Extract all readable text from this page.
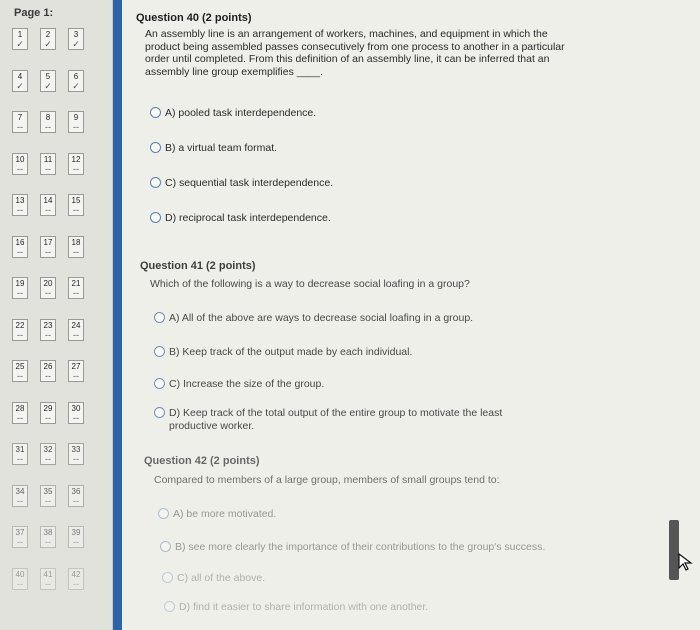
Page 1:
1
✓
2
✓
3
✓
4
✓
5
✓
6
✓
7
--
8
--
9
--
10
--
11
--
12
--
13
--
14
--
15
--
16
--
17
--
18
--
19
--
20
--
21
--
22
--
23
--
24
--
25
--
26
--
27
--
28
--
29
--
30
--
31
--
32
--
33
--
34
--
35
--
36
--
37
--
38
--
39
--
40
--
41
--
42
--
Question 40 (2 points)
An assembly line is an arrangement of workers, machines, and equipment in which the product being assembled passes consecutively from one process to another in a particular order until completed. From this definition of an assembly line, it can be inferred that an assembly line group exemplifies ____.
A) pooled task interdependence.
B) a virtual team format.
C) sequential task interdependence.
D) reciprocal task interdependence.
Question 41 (2 points)
Which of the following is a way to decrease social loafing in a group?
A) All of the above are ways to decrease social loafing in a group.
B) Keep track of the output made by each individual.
C) Increase the size of the group.
D) Keep track of the total output of the entire group to motivate the least productive worker.
Question 42 (2 points)
Compared to members of a large group, members of small groups tend to:
A) be more motivated.
B) see more clearly the importance of their contributions to the group's success.
C) all of the above.
D) find it easier to share information with one another.
